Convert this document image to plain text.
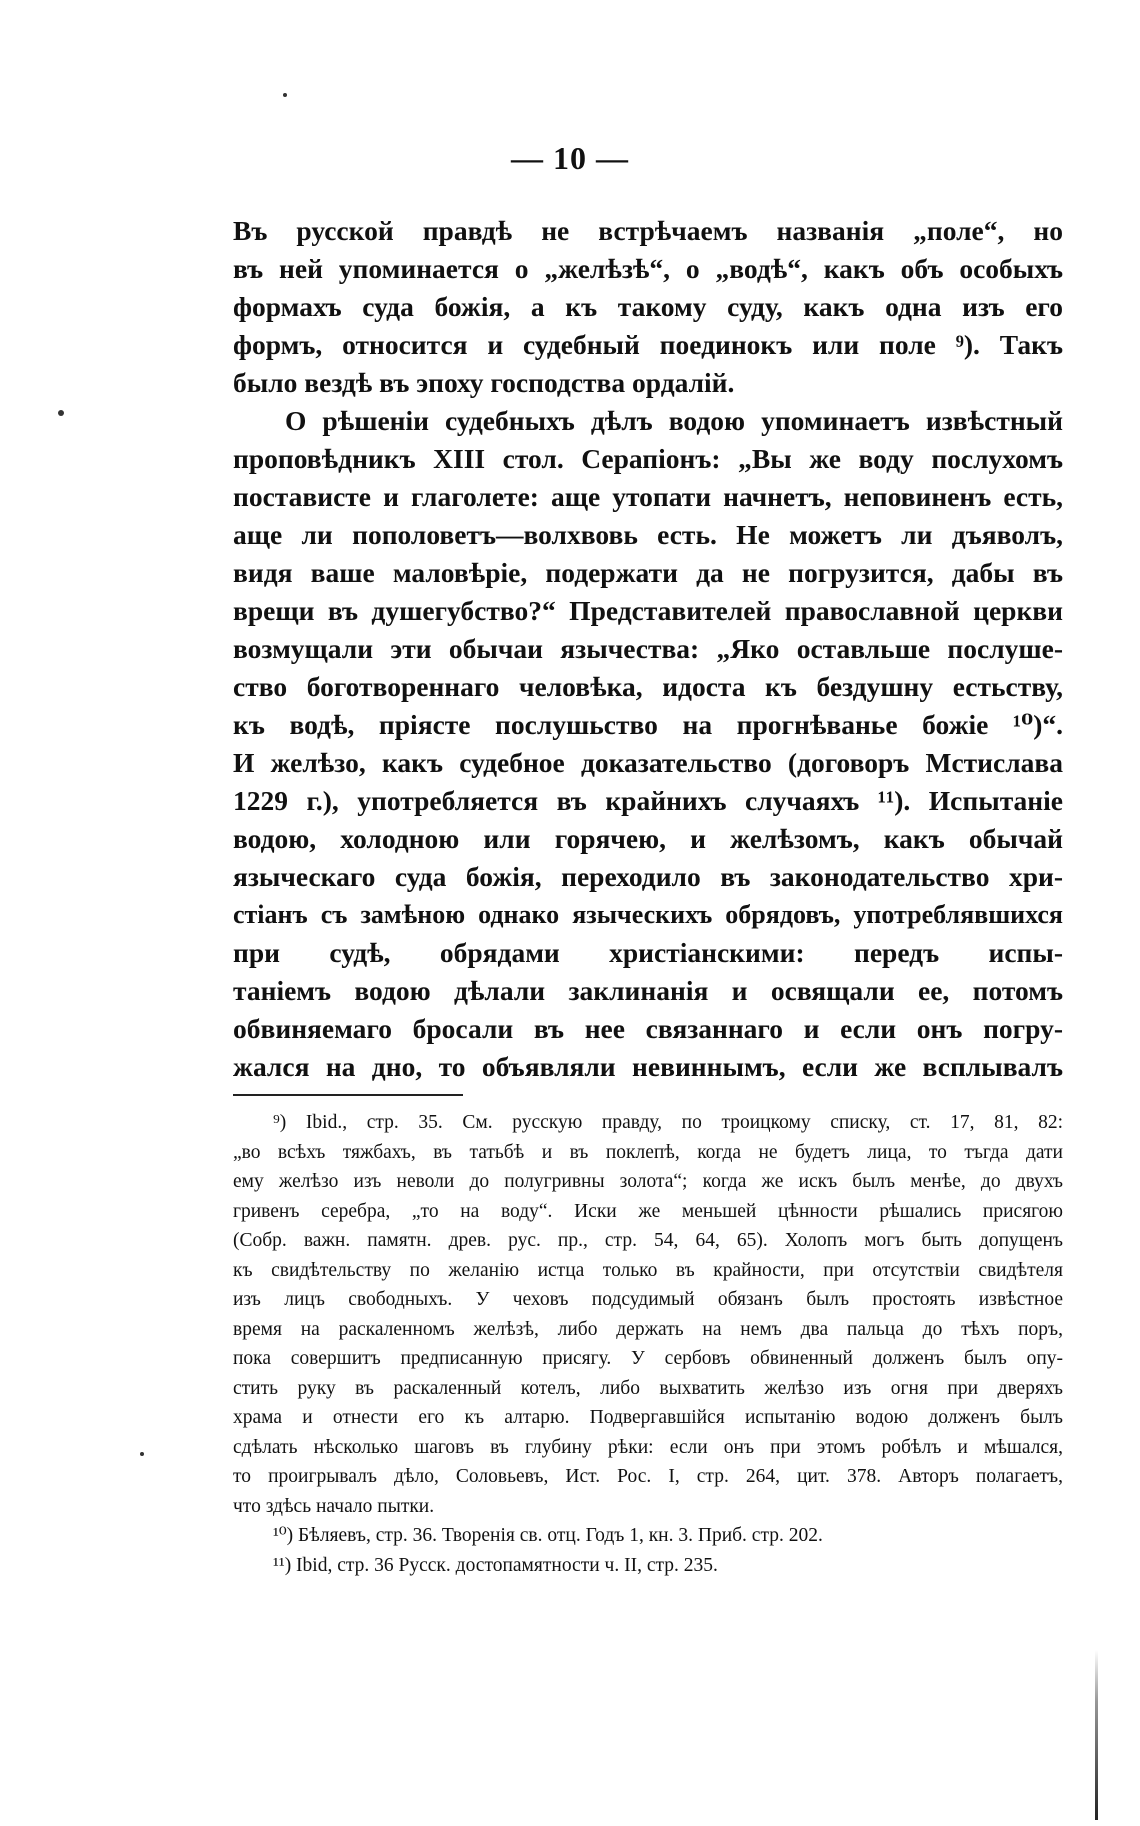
— 10 —
Въ русской правдѣ не встрѣчаемъ названія „поле“, но
въ ней упоминается о „желѣзѣ“, о „водѣ“, какъ объ особыхъ
формахъ суда божія, а къ такому суду, какъ одна изъ его
формъ, относится и судебный поединокъ или поле ⁹). Такъ
было вездѣ въ эпоху господства ордалій.
О рѣшеніи судебныхъ дѣлъ водою упоминаетъ извѣстный
проповѣдникъ XIII стол. Серапіонъ: „Вы же воду послухомъ
постависте и глаголете: аще утопати начнетъ, неповиненъ есть,
аще ли пополоветъ—волхвовь есть. Не можетъ ли дъяволъ,
видя ваше маловѣріе, подержати да не погрузится, дабы въ
врещи въ душегубство?“ Представителей православной церкви
возмущали эти обычаи язычества: „Яко оставльше послуше-
ство боготвореннаго человѣка, идоста къ бездушну естьству,
къ водѣ, пріясте послушьство на прогнѣванье божіе ¹⁰)“.
И желѣзо, какъ судебное доказательство (договоръ Мстислава
1229 г.), употребляется въ крайнихъ случаяхъ ¹¹). Испытаніе
водою, холодною или горячею, и желѣзомъ, какъ обычай
языческаго суда божія, переходило въ законодательство хри-
стіанъ съ замѣною однако языческихъ обрядовъ, употреблявшихся
при судѣ, обрядами христіанскими: передъ испы-
таніемъ водою дѣлали заклинанія и освящали ее, потомъ
обвиняемаго бросали въ нее связаннаго и если онъ погру-
жался на дно, то объявляли невиннымъ, если же всплывалъ
⁹) Ibid., стр. 35. См. русскую правду, по троицкому списку, ст. 17, 81, 82:
„во всѣхъ тяжбахъ, въ татьбѣ и въ поклепѣ, когда не будетъ лица, то тъгда дати
ему желѣзо изъ неволи до полугривны золота“; когда же искъ былъ менѣе, до двухъ
гривенъ серебра, „то на воду“. Иски же меньшей цѣнности рѣшались присягою
(Собр. важн. памятн. древ. рус. пр., стр. 54, 64, 65). Холопъ могъ быть допущенъ
къ свидѣтельству по желанію истца только въ крайности, при отсутствіи свидѣтеля
изъ лицъ свободныхъ. У чеховъ подсудимый обязанъ былъ простоять извѣстное
время на раскаленномъ желѣзѣ, либо держать на немъ два пальца до тѣхъ поръ,
пока совершитъ предписанную присягу. У сербовъ обвиненный долженъ былъ опу-
стить руку въ раскаленный котелъ, либо выхватить желѣзо изъ огня при дверяхъ
храма и отнести его къ алтарю. Подвергавшійся испытанію водою долженъ былъ
сдѣлать нѣсколько шаговъ въ глубину рѣки: если онъ при этомъ робѣлъ и мѣшался,
то проигрывалъ дѣло, Соловьевъ, Ист. Рос. I, стр. 264, цит. 378. Авторъ полагаетъ,
что здѣсь начало пытки.
¹⁰) Бѣляевъ, стр. 36. Творенія св. отц. Годъ 1, кн. 3. Приб. стр. 202.
¹¹) Ibid, стр. 36 Русск. достопамятности ч. II, стр. 235.
